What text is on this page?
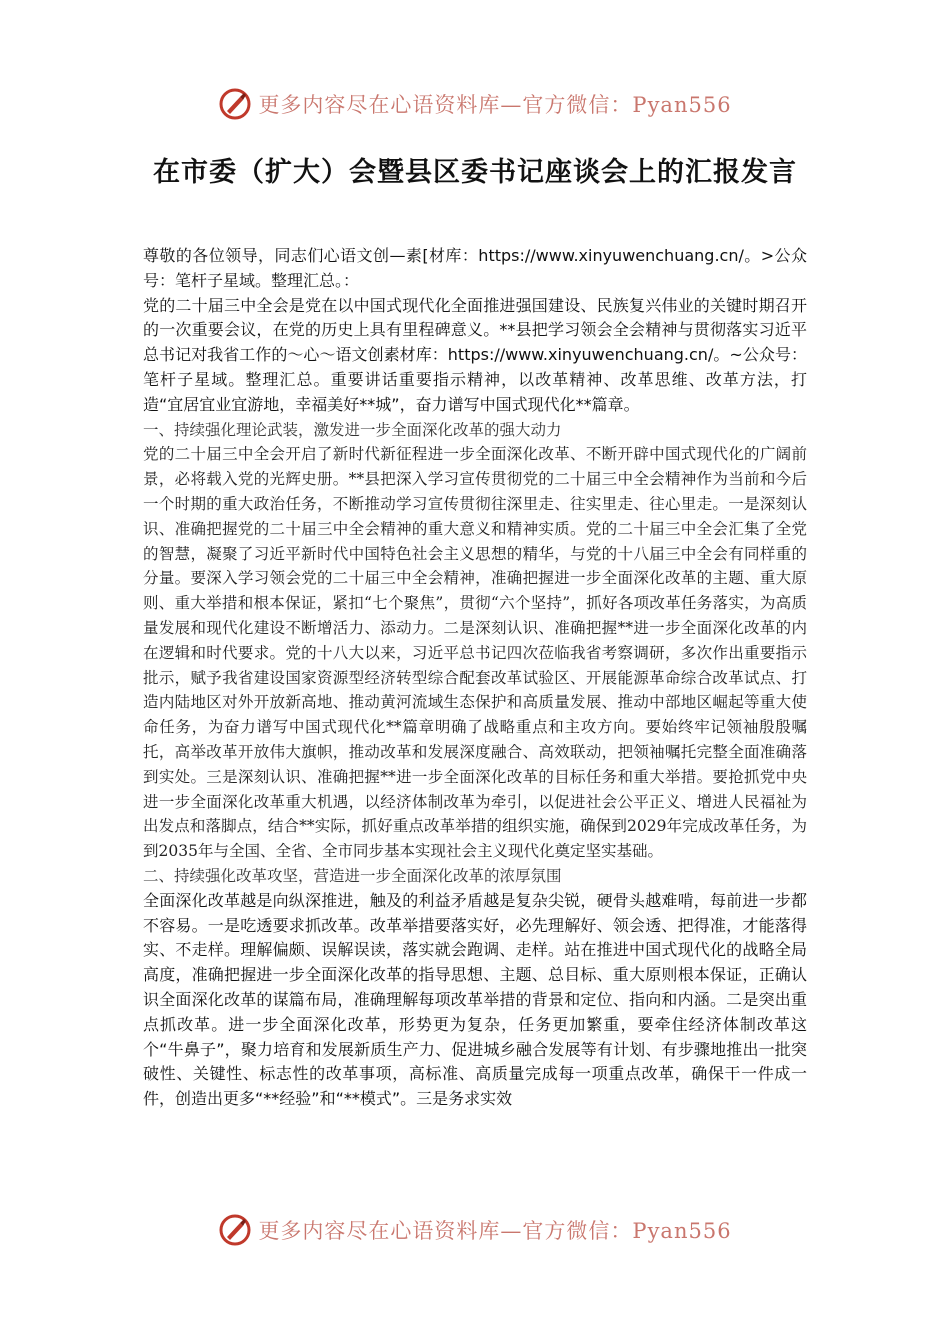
更多内容尽在心语资料库—官方微信：Pyan556
在市委（扩大）会暨县区委书记座谈会上的汇报发言

尊敬的各位领导，同志们心语文创—素[材库：https://www.xinyuwenchuang.cn/。>公众号：笔杆子星域。整理汇总。：

党的二十届三中全会是党在以中国式现代化全面推进强国建设、民族复兴伟业的关键时期召开的一次重要会议，在党的历史上具有里程碑意义。**县把学习领会全会精神与贯彻落实习近平总书记对我省工作的～心～语文创素材库：https://www.xinyuwenchuang.cn/。~公众号：笔杆子星域。整理汇总。重要讲话重要指示精神，以改革精神、改革思维、改革方法，打造“宜居宜业宜游地，幸福美好**城”，奋力谱写中国式现代化**篇章。

一、持续强化理论武装，激发进一步全面深化改革的强大动力

党的二十届三中全会开启了新时代新征程进一步全面深化改革、不断开辟中国式现代化的广阔前景，必将载入党的光辉史册。**县把深入学习宣传贯彻党的二十届三中全会精神作为当前和今后一个时期的重大政治任务，不断推动学习宣传贯彻往深里走、往实里走、往心里走。一是深刻认识、准确把握党的二十届三中全会精神的重大意义和精神实质。党的二十届三中全会汇集了全党的智慧，凝聚了习近平新时代中国特色社会主义思想的精华，与党的十八届三中全会有同样重的分量。要深入学习领会党的二十届三中全会精神，准确把握进一步全面深化改革的主题、重大原则、重大举措和根本保证，紧扣“七个聚焦”，贯彻“六个坚持”，抓好各项改革任务落实，为高质量发展和现代化建设不断增活力、添动力。二是深刻认识、准确把握**进一步全面深化改革的内在逻辑和时代要求。党的十八大以来，习近平总书记四次莅临我省考察调研，多次作出重要指示批示，赋予我省建设国家资源型经济转型综合配套改革试验区、开展能源革命综合改革试点、打造内陆地区对外开放新高地、推动黄河流域生态保护和高质量发展、推动中部地区崛起等重大使命任务，为奋力谱写中国式现代化**篇章明确了战略重点和主攻方向。要始终牢记领袖殷殷嘱托，高举改革开放伟大旗帜，推动改革和发展深度融合、高效联动，把领袖嘱托完整全面准确落到实处。三是深刻认识、准确把握**进一步全面深化改革的目标任务和重大举措。要抢抓党中央进一步全面深化改革重大机遇，以经济体制改革为牵引，以促进社会公平正义、增进人民福祉为出发点和落脚点，结合**实际，抓好重点改革举措的组织实施，确保到2029年完成改革任务，为到2035年与全国、全省、全市同步基本实现社会主义现代化奠定坚实基础。

二、持续强化改革攻坚，营造进一步全面深化改革的浓厚氛围

全面深化改革越是向纵深推进，触及的利益矛盾越是复杂尖锐，硬骨头越难啃，每前进一步都不容易。一是吃透要求抓改革。改革举措要落实好，必先理解好、领会透、把得准，才能落得实、不走样。理解偏颇、误解误读，落实就会跑调、走样。站在推进中国式现代化的战略全局高度，准确把握进一步全面深化改革的指导思想、主题、总目标、重大原则根本保证，正确认识全面深化改革的谋篇布局，准确理解每项改革举措的背景和定位、指向和内涵。二是突出重点抓改革。进一步全面深化改革，形势更为复杂，任务更加繁重，要牵住经济体制改革这个“牛鼻子”，聚力培育和发展新质生产力、促进城乡融合发展等有计划、有步骤地推出一批突破性、关键性、标志性的改革事项，高标准、高质量完成每一项重点改革，确保干一件成一件，创造出更多“**经验”和“**模式”。三是务求实效

更多内容尽在心语资料库—官方微信：Pyan556
